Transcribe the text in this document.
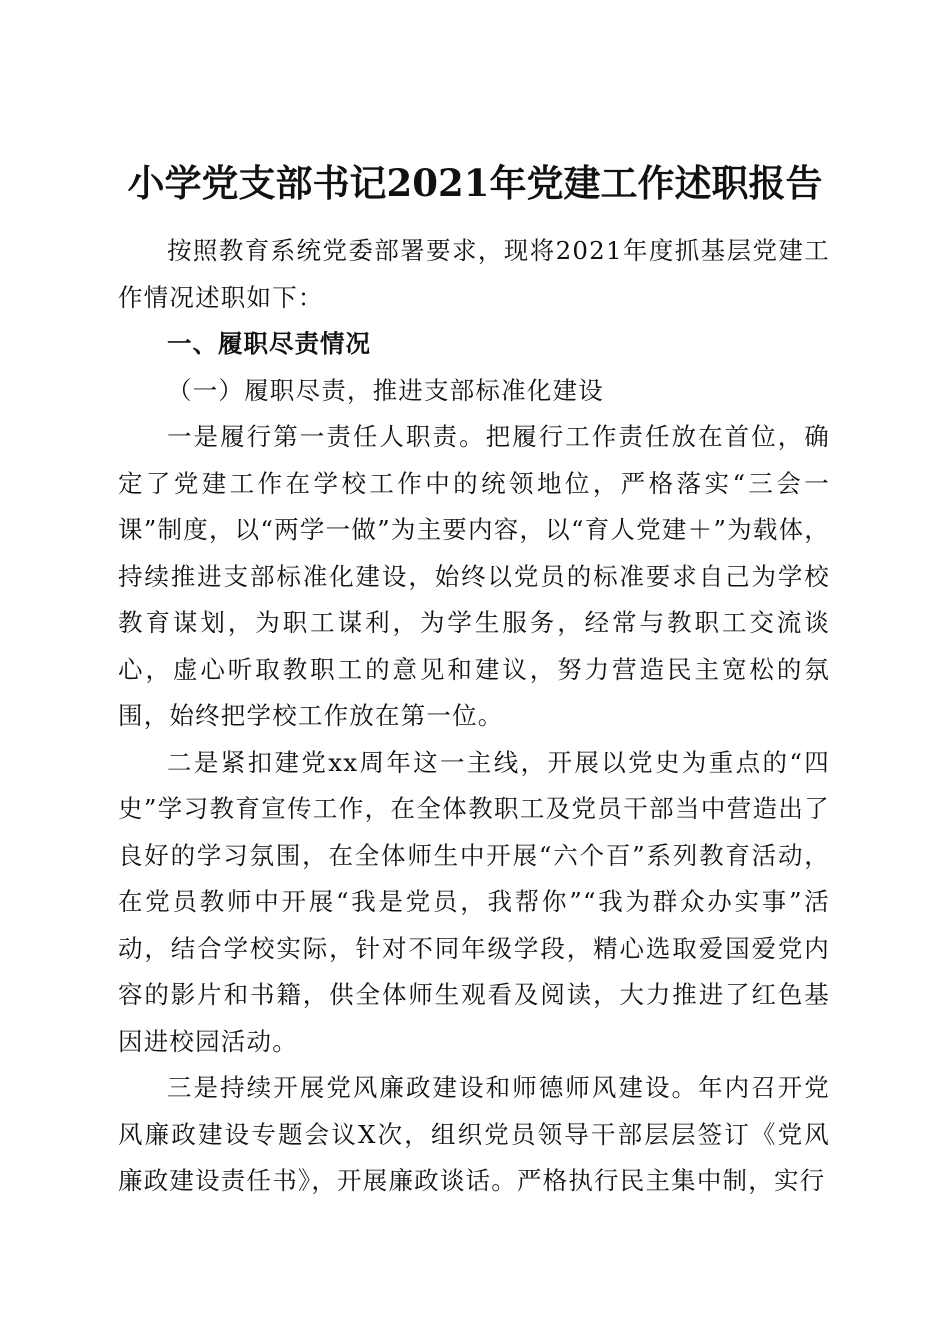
小学党支部书记2021年党建工作述职报告

按照教育系统党委部署要求，现将2021年度抓基层党建工作情况述职如下：

一、履职尽责情况
（一）履职尽责，推进支部标准化建设

一是履行第一责任人职责。把履行工作责任放在首位，确定了党建工作在学校工作中的统领地位，严格落实“三会一课”制度，以“两学一做”为主要内容，以“育人党建＋”为载体，持续推进支部标准化建设，始终以党员的标准要求自己为学校教育谋划，为职工谋利，为学生服务，经常与教职工交流谈心，虚心听取教职工的意见和建议，努力营造民主宽松的氛围，始终把学校工作放在第一位。

二是紧扣建党xx周年这一主线，开展以党史为重点的“四史”学习教育宣传工作，在全体教职工及党员干部当中营造出了良好的学习氛围，在全体师生中开展“六个百”系列教育活动，在党员教师中开展“我是党员，我帮你”“我为群众办实事”活动，结合学校实际，针对不同年级学段，精心选取爱国爱党内容的影片和书籍，供全体师生观看及阅读，大力推进了红色基因进校园活动。

三是持续开展党风廉政建设和师德师风建设。年内召开党风廉政建设专题会议X次，组织党员领导干部层层签订《党风廉政建设责任书》，开展廉政谈话。严格执行民主集中制，实行
